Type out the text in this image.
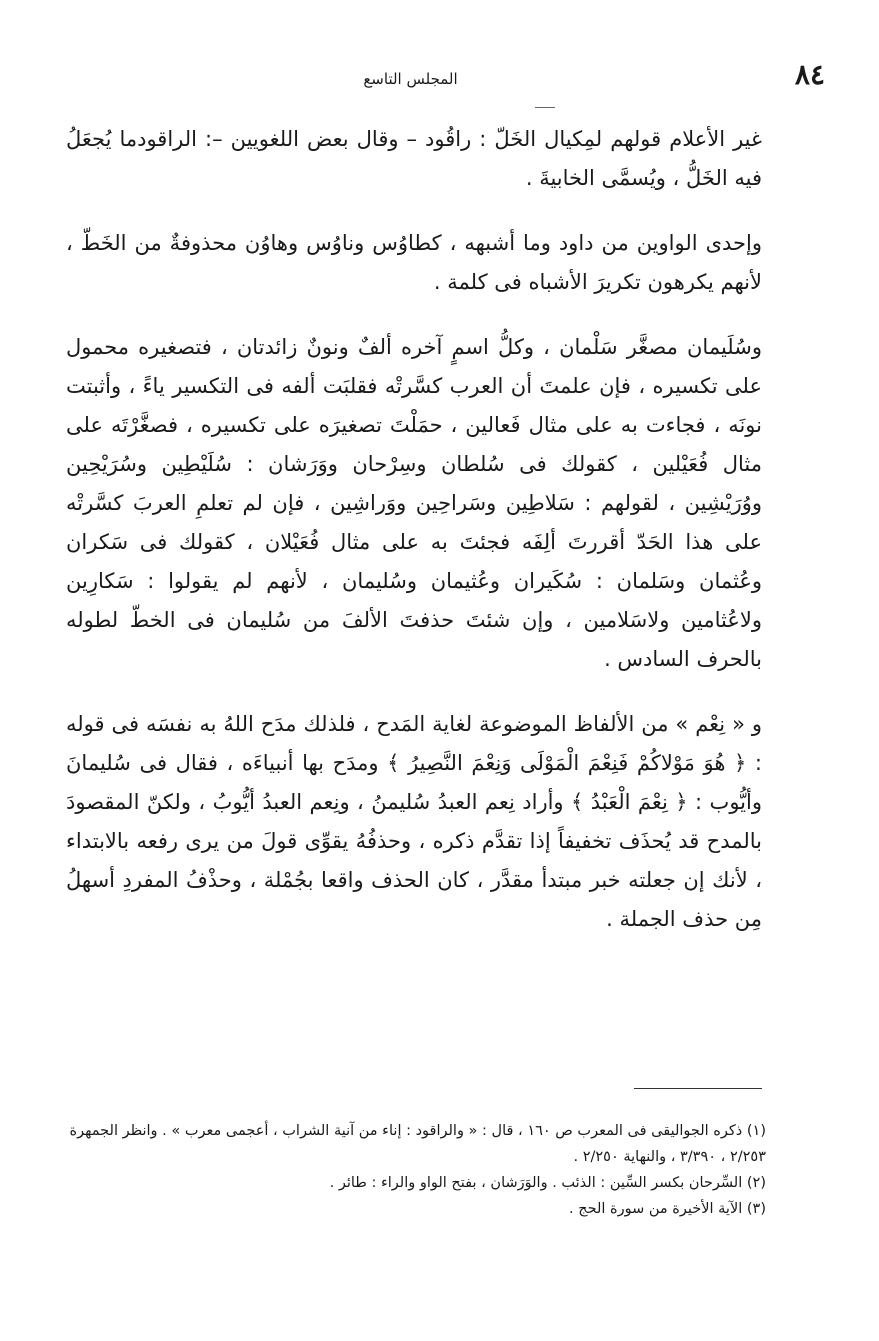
٨٤
المجلس التاسع

غير الأعلام قولهم لمِكيال الخَلّ : راقُود – وقال بعض اللغويين –: الراقودما يُجعَلُ فيه الخَلُّ ، ويُسمَّى الخابيةَ .

وإحدى الواوين من داود وما أشبهه ، كطاوُس وناوُس وهاوُن محذوفةٌ من الخَطّ ، لأنهم يكرهون تكريرَ الأشباه فى كلمة .

وسُلَيمان مصغَّر سَلْمان ، وكلُّ اسمٍ آخره ألفٌ ونونٌ زائدتان ، فتصغيره محمول على تكسيره ، فإن علمتَ أن العرب كسَّرتْه فقلبَت ألفه فى التكسير ياءً ، وأثبتت نونَه ، فجاءت به على مثال فَعالين ، حمَلْتَ تصغيرَه على تكسيره ، فصغَّرْتَه على مثال فُعَيْلين ، كقولك فى سُلطان وسِرْحان ووَرَشان : سُلَيْطِين وسُرَيْحِين ووُرَيْشِين ، لقولهم : سَلاطِين وسَراحِين ووَراشِين ، فإن لم تعلمِ العربَ كسَّرتْه على هذا الحَدّ أقررتَ ألِفَه فجئتَ به على مثال فُعَيْلان ، كقولك فى سَكران وعُثمان وسَلمان : سُكَيران وعُثيمان وسُليمان ، لأنهم لم يقولوا : سَكارِين ولاعُثامين ولاسَلامين ، وإن شئتَ حذفتَ الألفَ من سُليمان فى الخطّ لطوله بالحرف السادس .

و « نِعْم » من الألفاظ الموضوعة لغاية المَدح ، فلذلك مدَح اللهُ به نفسَه فى قوله : ﴿ هُوَ مَوْلاكُمْ فَنِعْمَ الْمَوْلَى وَنِعْمَ النَّصِيرُ ﴾ ومدَح بها أنبياءَه ، فقال فى سُليمانَ وأيُّوب : ﴿ نِعْمَ الْعَبْدُ ﴾ وأراد نِعم العبدُ سُليمنُ ، ونِعم العبدُ أيُّوبُ ، ولكنّ المقصودَ بالمدح قد يُحذَف تخفيفاً إذا تقدَّم ذكره ، وحذفُهُ يقوِّى قولَ من يرى رفعه بالابتداء ، لأنك إن جعلته خبر مبتدأ مقدَّر ، كان الحذف واقعا بجُمْلة ، وحذْفُ المفردِ أسهلُ مِن حذف الجملة .

(١) ذكره الجواليقى فى المعرب ص ١٦٠ ، قال : « والراقود : إناء من آنية الشراب ، أعجمى معرب » . وانظر الجمهرة ٢/٢٥٣ ، ٣/٣٩٠ ، والنهاية ٢/٢٥٠ .

(٢) السِّرحان بكسر السِّين : الذئب . والوَرَشان ، بفتح الواو والراء : طائر .

(٣) الآية الأخيرة من سورة الحج .
